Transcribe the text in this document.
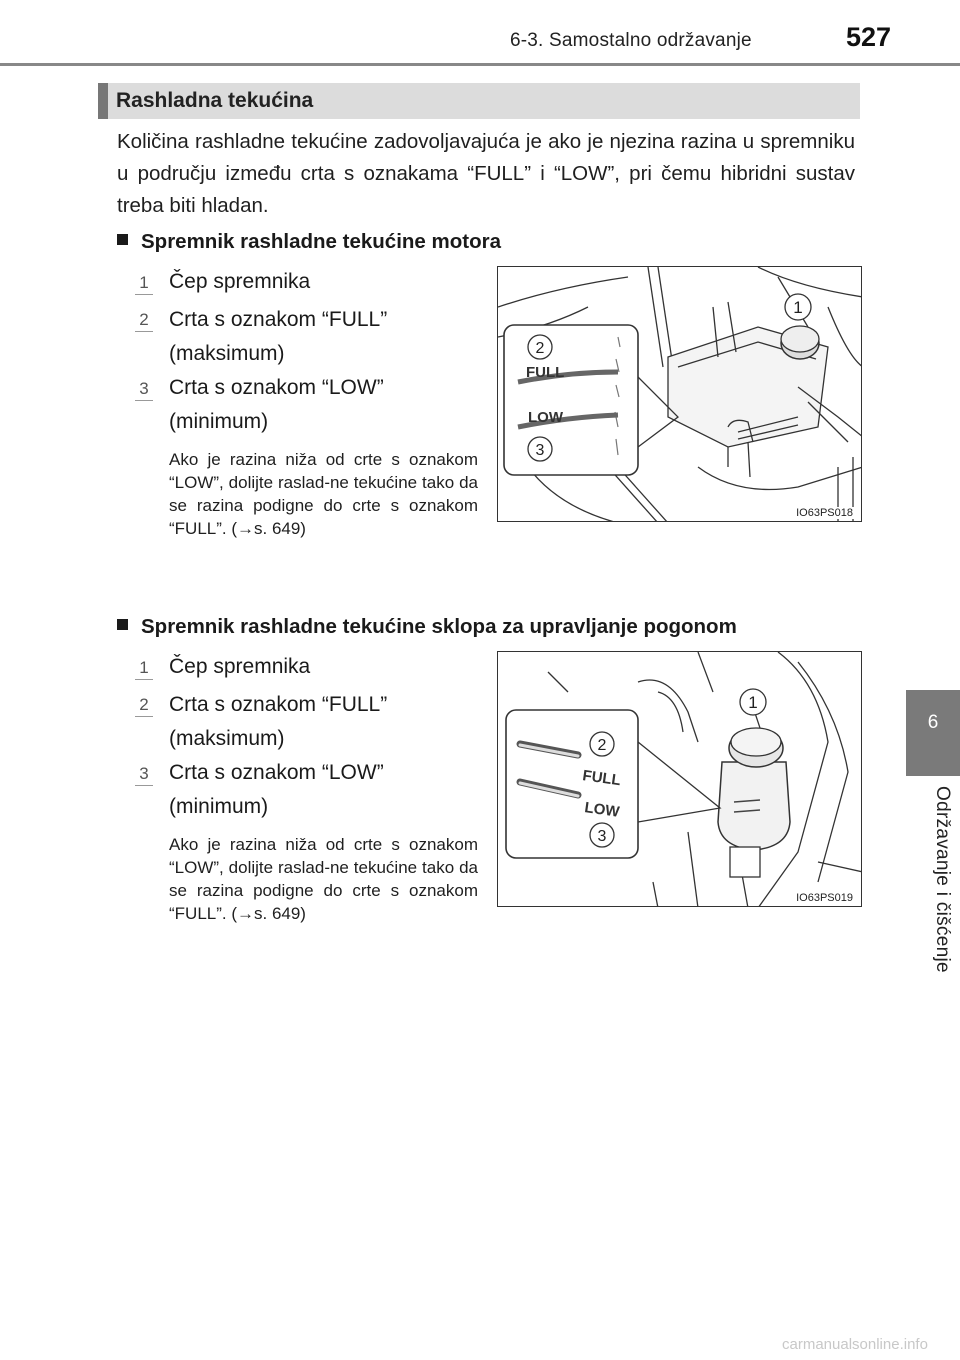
6-3. Samostalno održavanje	527
6
Održavanje i čišćenje
Rashladna tekućina
Količina rashladne tekućine zadovoljavajuća je ako je njezina razina u spremniku u području između crta s oznakama “FULL” i “LOW”, pri čemu hibridni sustav treba biti hladan.
Spremnik rashladne tekućine motora
1 Čep spremnika
2 Crta s oznakom “FULL” (maksimum)
3 Crta s oznakom “LOW” (minimum)
Ako je razina niža od crte s oznakom “LOW”, dolijte raslad-ne tekućine tako da se razina podigne do crte s oznakom “FULL”. (→s. 649)
1
FULL
LOW
2
3
IO63PS018
Spremnik rashladne tekućine sklopa za upravljanje pogonom
1 Čep spremnika
2 Crta s oznakom “FULL” (maksimum)
3 Crta s oznakom “LOW” (minimum)
Ako je razina niža od crte s oznakom “LOW”, dolijte raslad-ne tekućine tako da se razina podigne do crte s oznakom “FULL”. (→s. 649)
1
FULL
LOW
2
3
IO63PS019
carmanualsonline.info
